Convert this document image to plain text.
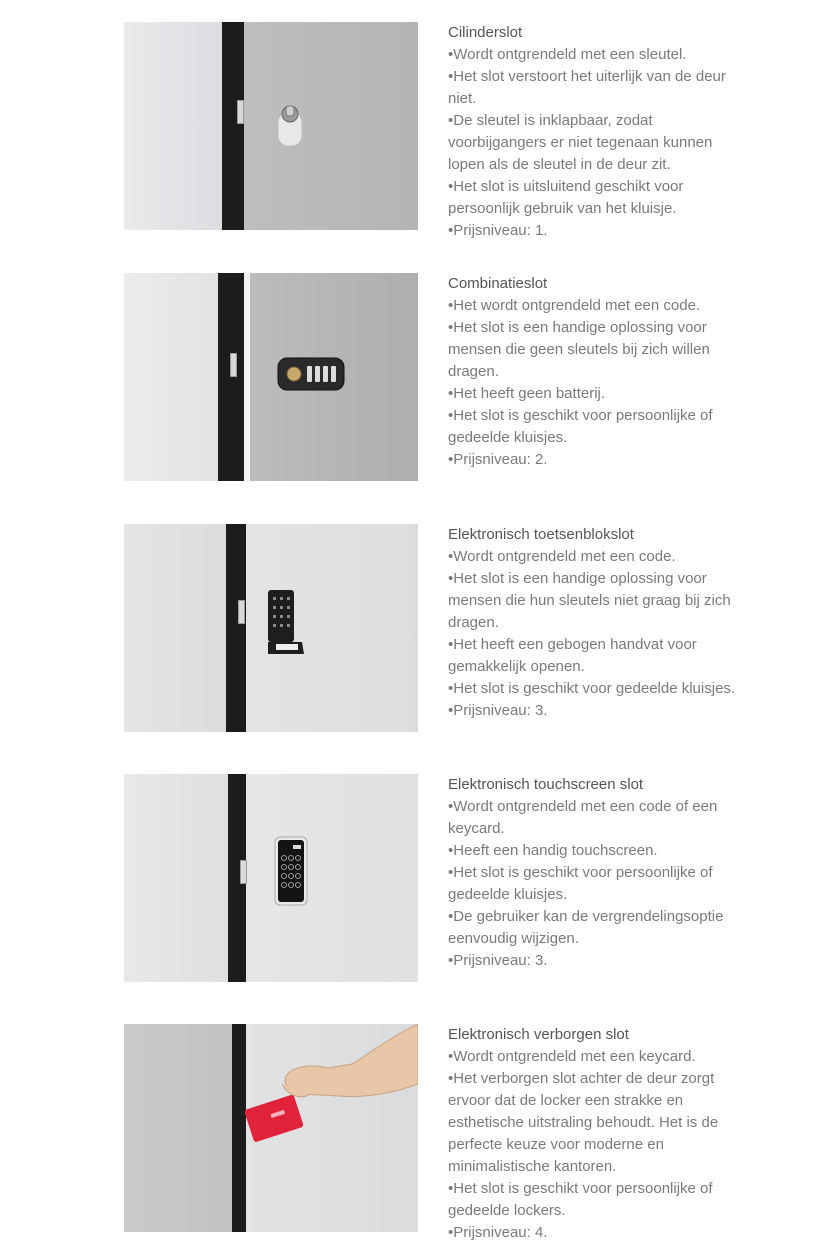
Cilinderslot
• Wordt ontgrendeld met een sleutel.
• Het slot verstoort het uiterlijk van de deur niet.
• De sleutel is inklapbaar, zodat voorbijgangers er niet tegenaan kunnen lopen als de sleutel in de deur zit.
• Het slot is uitsluitend geschikt voor persoonlijk gebruik van het kluisje.
• Prijsniveau: 1.
Combinatieslot
• Het wordt ontgrendeld met een code.
• Het slot is een handige oplossing voor mensen die geen sleutels bij zich willen dragen.
• Het heeft geen batterij.
• Het slot is geschikt voor persoonlijke of gedeelde kluisjes.
• Prijsniveau: 2.
Elektronisch toetsenblokslot
• Wordt ontgrendeld met een code.
• Het slot is een handige oplossing voor mensen die hun sleutels niet graag bij zich dragen.
• Het heeft een gebogen handvat voor gemakkelijk openen.
• Het slot is geschikt voor gedeelde kluisjes.
• Prijsniveau: 3.
Elektronisch touchscreen slot
• Wordt ontgrendeld met een code of een keycard.
• Heeft een handig touchscreen.
• Het slot is geschikt voor persoonlijke of gedeelde kluisjes.
• De gebruiker kan de vergrendelingsoptie eenvoudig wijzigen.
• Prijsniveau: 3.
Elektronisch verborgen slot
• Wordt ontgrendeld met een keycard.
• Het verborgen slot achter de deur zorgt ervoor dat de locker een strakke en esthetische uitstraling behoudt. Het is de perfecte keuze voor moderne en minimalistische kantoren.
• Het slot is geschikt voor persoonlijke of gedeelde lockers.
• Prijsniveau: 4.
